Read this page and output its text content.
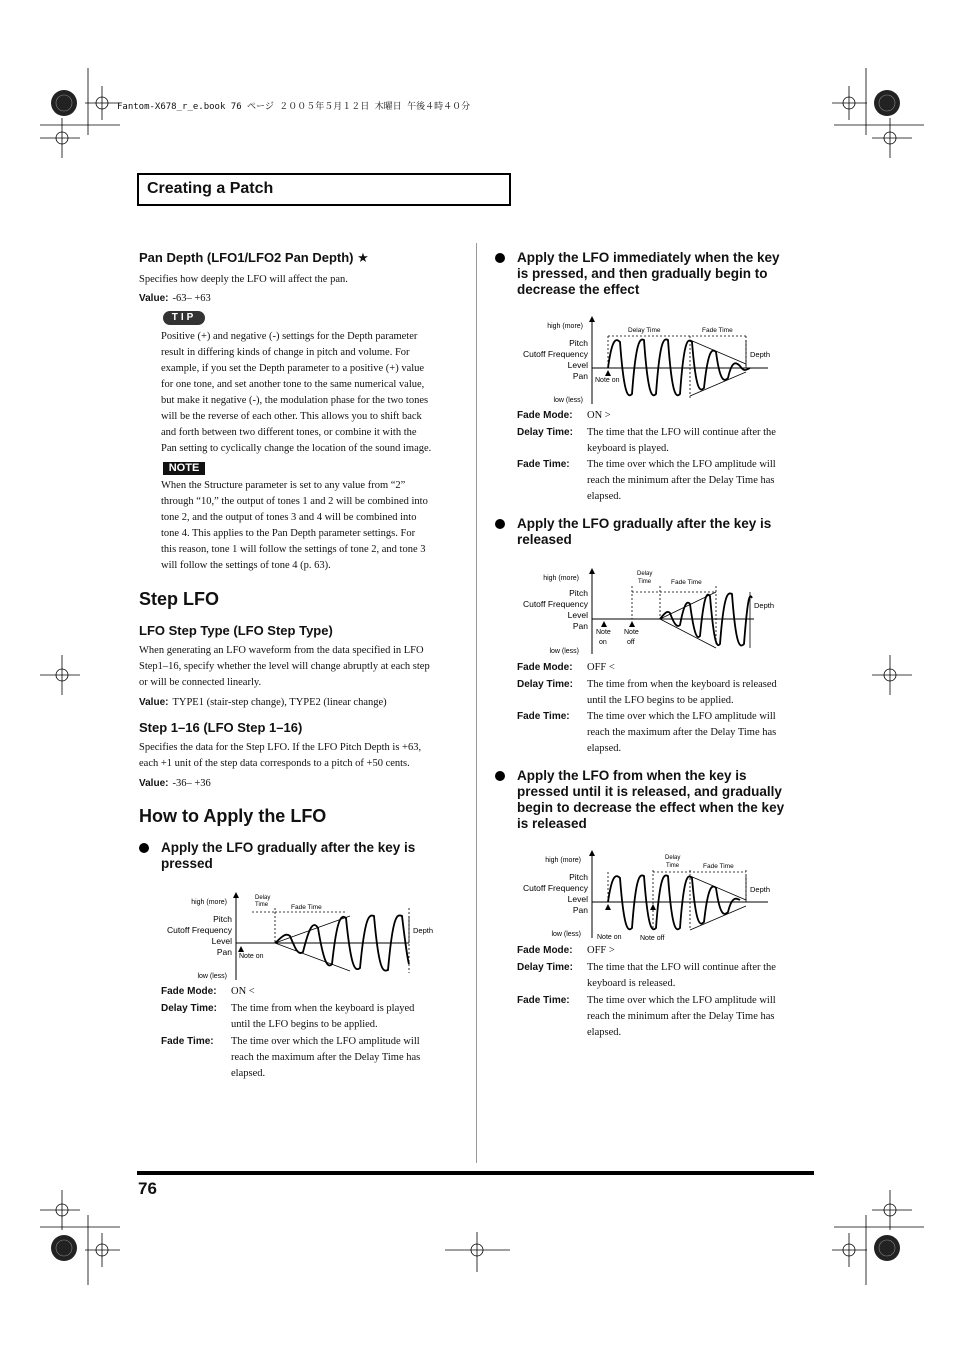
Fantom-X678_r_e.book 76 ページ ２００５年５月１２日 木曜日 午後４時４０分
Creating a Patch
Pan Depth (LFO1/LFO2 Pan Depth) ★
Specifies how deeply the LFO will affect the pan.
Value: -63– +63
TIP
Positive (+) and negative (-) settings for the Depth parameter
result in differing kinds of change in pitch and volume. For
example, if you set the Depth parameter to a positive (+) value
for one tone, and set another tone to the same numerical value,
but make it negative (-), the modulation phase for the two tones
will be the reverse of each other. This allows you to shift back
and forth between two different tones, or combine it with the
Pan setting to cyclically change the location of the sound image.
NOTE
When the Structure parameter is set to any value from “2”
through “10,” the output of tones 1 and 2 will be combined into
tone 2, and the output of tones 3 and 4 will be combined into
tone 4. This applies to the Pan Depth parameter settings. For
this reason, tone 1 will follow the settings of tone 2, and tone 3
will follow the settings of tone 4 (p. 63).
Step LFO
LFO Step Type (LFO Step Type)
When generating an LFO waveform from the data specified in LFO
Step1–16, specify whether the level will change abruptly at each step
or will be connected linearly.
Value: TYPE1 (stair-step change), TYPE2 (linear change)
Step 1–16 (LFO Step 1–16)
Specifies the data for the Step LFO. If the LFO Pitch Depth is +63,
each +1 unit of the step data corresponds to a pitch of +50 cents.
Value: -36– +36
How to Apply the LFO
Apply the LFO gradually after the key is
pressed
high (more)
Pitch
Cutoff Frequency
Level
Pan
low (less)
Note on
Delay
Time	Fade Time
Depth
Fade Mode: ON <
Delay Time: The time from when the keyboard is played
until the LFO begins to be applied.
Fade Time: The time over which the LFO amplitude will
reach the maximum after the Delay Time has
elapsed.
Apply the LFO immediately when the key
is pressed, and then gradually begin to
decrease the effect
high (more)
Pitch
Cutoff Frequency
Level
Pan
low (less)
Note on
Delay Time	Fade Time
Depth
Fade Mode: ON >
Delay Time: The time that the LFO will continue after the
keyboard is played.
Fade Time: The time over which the LFO amplitude will
reach the minimum after the Delay Time has
elapsed.
Apply the LFO gradually after the key is
released
high (more)
Pitch
Cutoff Frequency
Level
Pan
low (less)
Note
on
Note
off
Delay
Time	Fade Time
Depth
Fade Mode: OFF <
Delay Time: The time from when the keyboard is released
until the LFO begins to be applied.
Fade Time: The time over which the LFO amplitude will
reach the maximum after the Delay Time has
elapsed.
Apply the LFO from when the key is
pressed until it is released, and gradually
begin to decrease the effect when the key
is released
high (more)
Pitch
Cutoff Frequency
Level
Pan
low (less) Note on	Note off
Delay
Time	Fade Time
Depth
Fade Mode: OFF >
Delay Time: The time that the LFO will continue after the
keyboard is released.
Fade Time: The time over which the LFO amplitude will
reach the minimum after the Delay Time has
elapsed.
76
